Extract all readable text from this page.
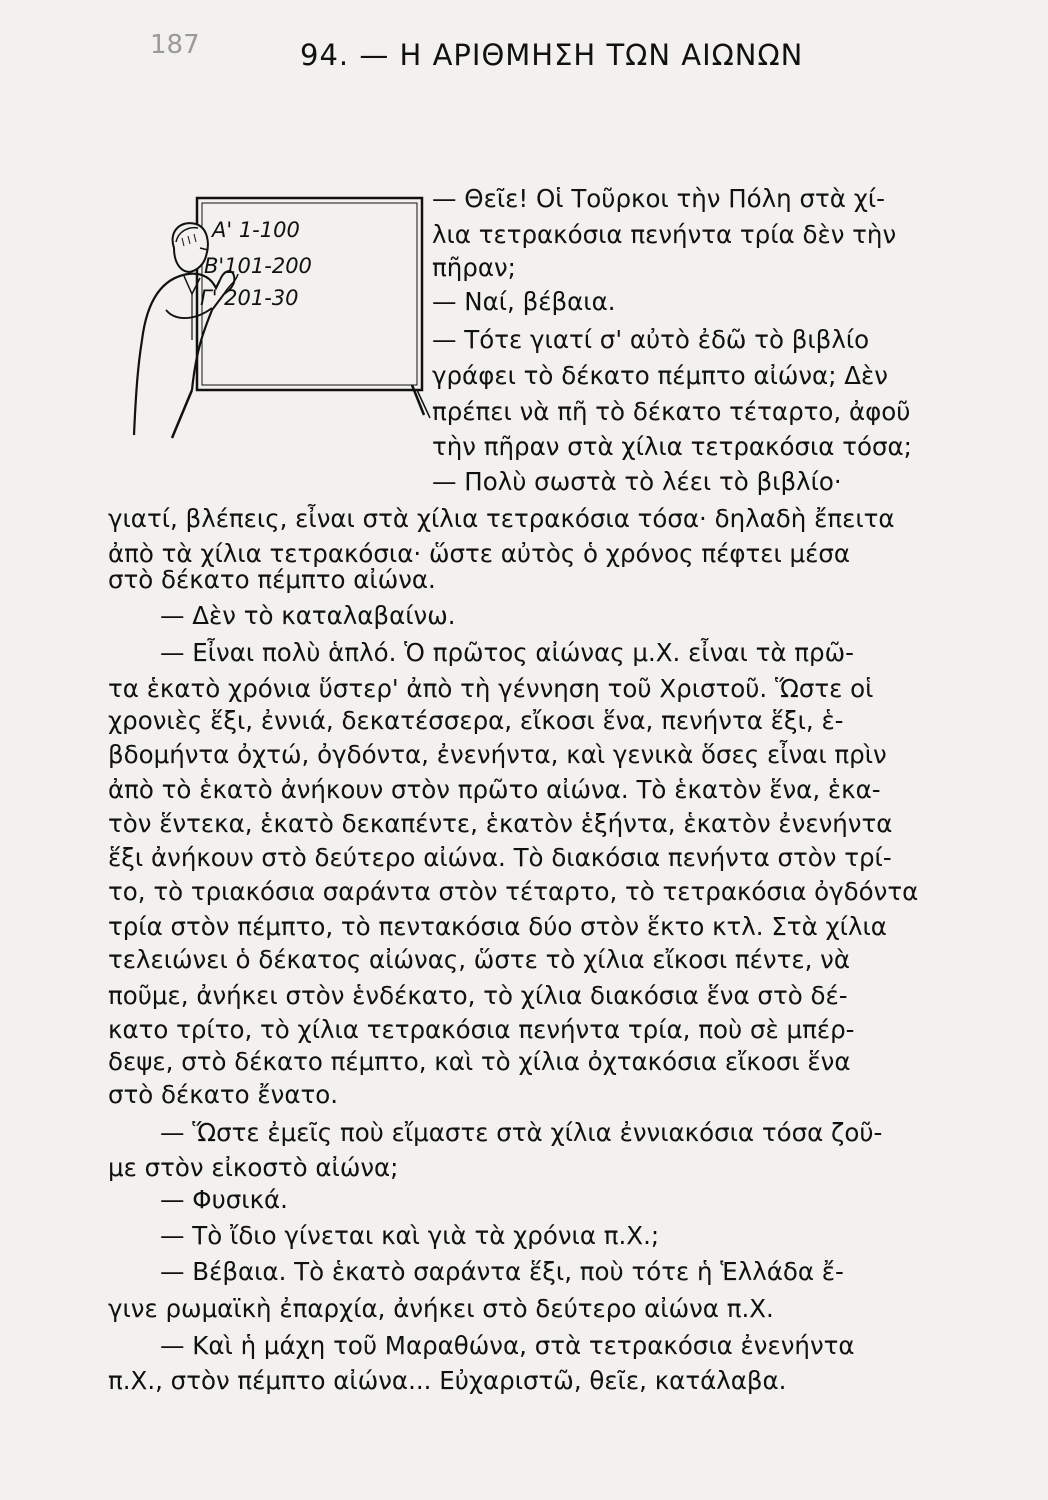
187	94. — Η ΑΡΙΘΜΗΣΗ ΤΩΝ ΑΙΩΝΩΝ
Α' 1-100
Β'101-200
Γ' 201-30

— Θεῖε! Οἱ Τοῦρκοι τὴν Πόλη στὰ χί-

λια τετρακόσια πενήντα τρία δὲν τὴν

πῆραν;

— Ναί, βέβαια.

— Τότε γιατί σ' αὐτὸ ἐδῶ τὸ βιβλίο

γράφει τὸ δέκατο πέμπτο αἰώνα; Δὲν

πρέπει νὰ πῆ τὸ δέκατο τέταρτο, ἀφοῦ

τὴν πῆραν στὰ χίλια τετρακόσια τόσα;

— Πολὺ σωστὰ τὸ λέει τὸ βιβλίο·

γιατί, βλέπεις, εἶναι στὰ χίλια τετρακόσια τόσα· δηλαδὴ ἔπειτα

ἀπὸ τὰ χίλια τετρακόσια· ὥστε αὐτὸς ὁ χρόνος πέφτει μέσα

στὸ δέκατο πέμπτο αἰώνα.

— Δὲν τὸ καταλαβαίνω.

— Εἶναι πολὺ ἁπλό. Ὁ πρῶτος αἰώνας μ.Χ. εἶναι τὰ πρῶ-

τα ἑκατὸ χρόνια ὕστερ' ἀπὸ τὴ γέννηση τοῦ Χριστοῦ. Ὥστε οἱ

χρονιὲς ἕξι, ἐννιά, δεκατέσσερα, εἴκοσι ἕνα, πενήντα ἕξι, ἑ-

βδομήντα ὀχτώ, ὀγδόντα, ἐνενήντα, καὶ γενικὰ ὅσες εἶναι πρὶν

ἀπὸ τὸ ἑκατὸ ἀνήκουν στὸν πρῶτο αἰώνα. Τὸ ἑκατὸν ἕνα, ἑκα-

τὸν ἕντεκα, ἑκατὸ δεκαπέντε, ἑκατὸν ἑξήντα, ἑκατὸν ἐνενήντα

ἕξι ἀνήκουν στὸ δεύτερο αἰώνα. Τὸ διακόσια πενήντα στὸν τρί-

το, τὸ τριακόσια σαράντα στὸν τέταρτο, τὸ τετρακόσια ὀγδόντα

τρία στὸν πέμπτο, τὸ πεντακόσια δύο στὸν ἕκτο κτλ. Στὰ χίλια

τελειώνει ὁ δέκατος αἰώνας, ὥστε τὸ χίλια εἴκοσι πέντε, νὰ

ποῦμε, ἀνήκει στὸν ἑνδέκατο, τὸ χίλια διακόσια ἕνα στὸ δέ-

κατο τρίτο, τὸ χίλια τετρακόσια πενήντα τρία, ποὺ σὲ μπέρ-

δεψε, στὸ δέκατο πέμπτο, καὶ τὸ χίλια ὀχτακόσια εἴκοσι ἕνα

στὸ δέκατο ἔνατο.

— Ὥστε ἐμεῖς ποὺ εἴμαστε στὰ χίλια ἐννιακόσια τόσα ζοῦ-

με στὸν εἰκοστὸ αἰώνα;

— Φυσικά.

— Τὸ ἴδιο γίνεται καὶ γιὰ τὰ χρόνια π.Χ.;

— Βέβαια. Τὸ ἑκατὸ σαράντα ἕξι, ποὺ τότε ἡ Ἑλλάδα ἔ-

γινε ρωμαϊκὴ ἐπαρχία, ἀνήκει στὸ δεύτερο αἰώνα π.Χ.

— Καὶ ἡ μάχη τοῦ Μαραθώνα, στὰ τετρακόσια ἐνενήντα

π.Χ., στὸν πέμπτο αἰώνα... Εὐχαριστῶ, θεῖε, κατάλαβα.
